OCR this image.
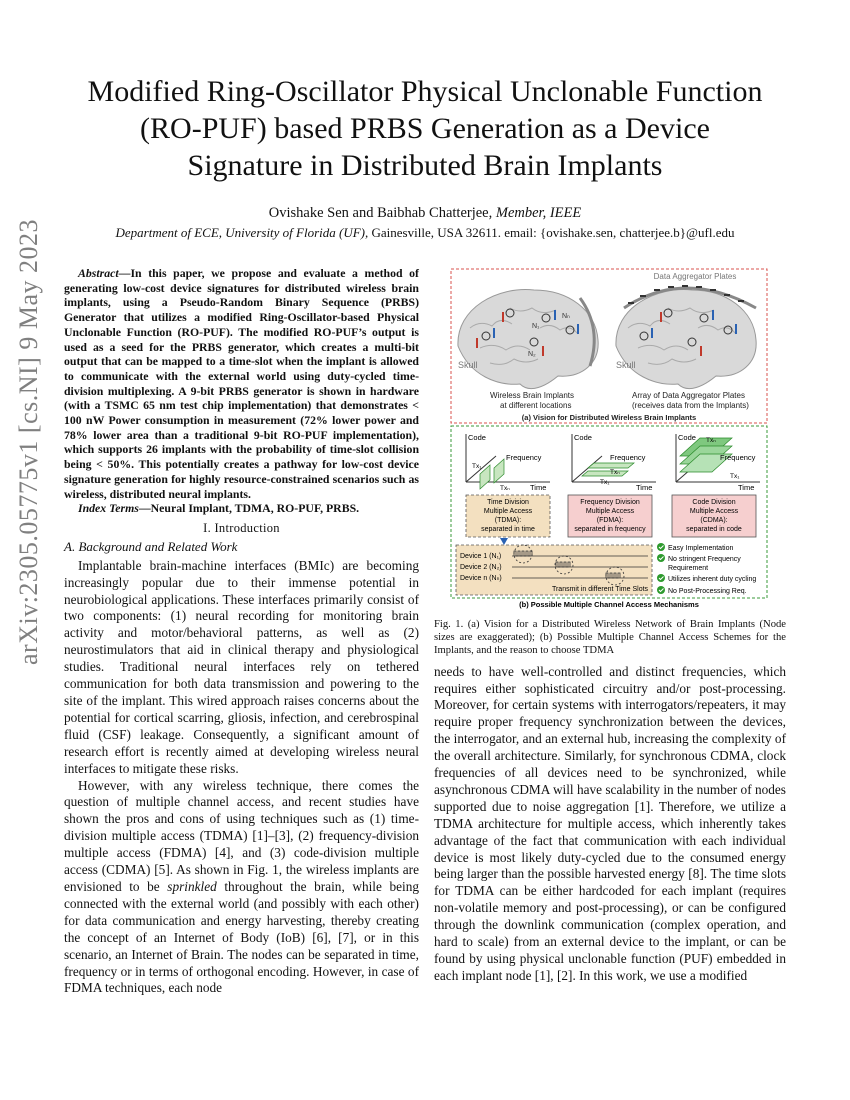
arXiv:2305.05775v1 [cs.NI] 9 May 2023
Modified Ring-Oscillator Physical Unclonable Function (RO-PUF) based PRBS Generation as a Device Signature in Distributed Brain Implants
Ovishake Sen and Baibhab Chatterjee, Member, IEEE
Department of ECE, University of Florida (UF), Gainesville, USA 32611. email: {ovishake.sen, chatterjee.b}@ufl.edu

Abstract—In this paper, we propose and evaluate a method of generating low-cost device signatures for distributed wireless brain implants, using a Pseudo-Random Binary Sequence (PRBS) Generator that utilizes a modified Ring-Oscillator-based Physical Unclonable Function (RO-PUF). The modified RO-PUF’s output is used as a seed for the PRBS generator, which creates a multi-bit output that can be mapped to a time-slot when the implant is allowed to communicate with the external world using duty-cycled time-division multiplexing. A 9-bit PRBS generator is shown in hardware (with a TSMC 65 nm test chip implementation) that demonstrates < 100 nW Power consumption in measurement (72% lower power and 78% lower area than a traditional 9-bit RO-PUF implementation), which supports 26 implants with the probability of time-slot collision being < 50%. This potentially creates a pathway for low-cost device signature generation for highly resource-constrained scenarios such as wireless, distributed neural implants.

Index Terms—Neural Implant, TDMA, RO-PUF, PRBS.

I. Introduction
A. Background and Related Work

Implantable brain-machine interfaces (BMIc) are becoming increasingly popular due to their immense potential in neurobiological applications. These interfaces primarily consist of two components: (1) neural recording for monitoring brain activity and motor/behavioral patterns, as well as (2) neurostimulators that aid in clinical therapy and physiological studies. Traditional neural interfaces rely on tethered communication for both data transmission and powering to the site of the implant. This wired approach raises concerns about the potential for cortical scarring, gliosis, infection, and cerebrospinal fluid (CSF) leakage. Consequently, a significant amount of research effort is recently aimed at developing wireless neural interfaces to mitigate these risks.

However, with any wireless technique, there comes the question of multiple channel access, and recent studies have shown the pros and cons of using techniques such as (1) time-division multiple access (TDMA) [1]–[3], (2) frequency-division multiple access (FDMA) [4], and (3) code-division multiple access (CDMA) [5]. As shown in Fig. 1, the wireless implants are envisioned to be sprinkled throughout the brain, while being connected with the external world (and possibly with each other) for data communication and energy harvesting, thereby creating the concept of an Internet of Body (IoB) [6], [7], or in this scenario, an Internet of Brain. The nodes can be separated in time, frequency or in terms of orthogonal encoding. However, in case of FDMA techniques, each node

Data Aggregator Plates
Skull
N₁
N₂
Nₙ
Skull
Wireless Brain Implants
at different locations
Array of Data Aggregator Plates
(receives data from the Implants)
(a) Vision for Distributed Wireless Brain Implants
Code
Frequency
Time
Tx₁
Txₙ
Code
Frequency
Time
Txₙ
Tx₁
Code
Frequency
Time
Txₙ
Tx₁
Time Division
Multiple Access
(TDMA):
separated in time
Frequency Division
Multiple Access
(FDMA):
separated in frequency
Code Division
Multiple Access
(CDMA):
separated in code
Device 1 (N₁)
Device 2 (N₂)
Device n (Nₙ)
Transmit in different Time Slots
Easy Implementation
No stringent Frequency
Requirement
Utilizes inherent duty cycling
No Post-Processing Req.
(b) Possible Multiple Channel Access Mechanisms

Fig. 1. (a) Vision for a Distributed Wireless Network of Brain Implants (Node sizes are exaggerated); (b) Possible Multiple Channel Access Schemes for the Implants, and the reason to choose TDMA

needs to have well-controlled and distinct frequencies, which requires either sophisticated circuitry and/or post-processing. Moreover, for certain systems with interrogators/repeaters, it may require proper frequency synchronization between the devices, the interrogator, and an external hub, increasing the complexity of the overall architecture. Similarly, for synchronous CDMA, clock frequencies of all devices need to be synchronized, while asynchronous CDMA will have scalability in the number of nodes supported due to noise aggregation [1]. Therefore, we utilize a TDMA architecture for multiple access, which inherently takes advantage of the fact that communication with each individual device is most likely duty-cycled due to the consumed energy being larger than the possible harvested energy [8]. The time slots for TDMA can be either hardcoded for each implant (requires non-volatile memory and post-processing), or can be configured through the downlink communication (complex operation, and hard to scale) from an external device to the implant, or can be found by using physical unclonable function (PUF) embedded in each implant node [1], [2]. In this work, we use a modified
